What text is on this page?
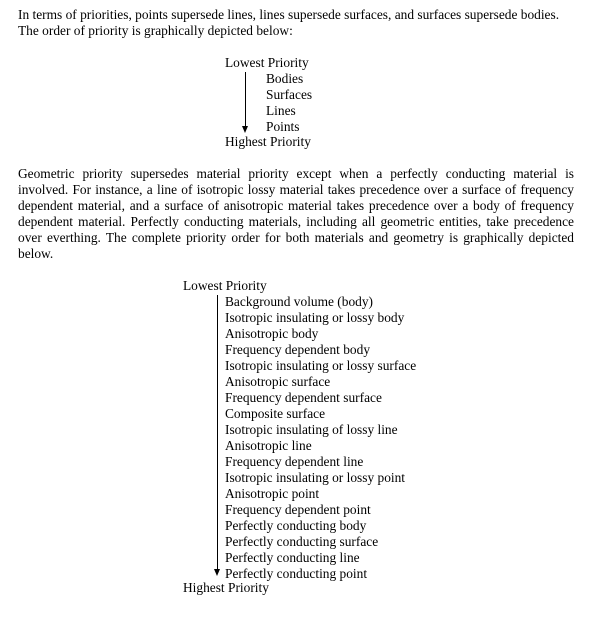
In terms of priorities, points supersede lines, lines supersede surfaces, and surfaces supersede bodies.
The order of priority is graphically depicted below:

Lowest Priority

Bodies
Surfaces
Lines
Points

Highest Priority

Geometric priority supersedes material priority except when a perfectly conducting material is
involved. For instance, a line of isotropic lossy material takes precedence over a surface of frequency
dependent material, and a surface of anisotropic material takes precedence over a body of frequency
dependent material. Perfectly conducting materials, including all geometric entities, take precedence
over everthing. The complete priority order for both materials and geometry is graphically depicted
below.

Lowest Priority

Background volume (body)
Isotropic insulating or lossy body
Anisotropic body
Frequency dependent body
Isotropic insulating or lossy surface
Anisotropic surface
Frequency dependent surface
Composite surface
Isotropic insulating of lossy line
Anisotropic line
Frequency dependent line
Isotropic insulating or lossy point
Anisotropic point
Frequency dependent point
Perfectly conducting body
Perfectly conducting surface
Perfectly conducting line
Perfectly conducting point

Highest Priority
